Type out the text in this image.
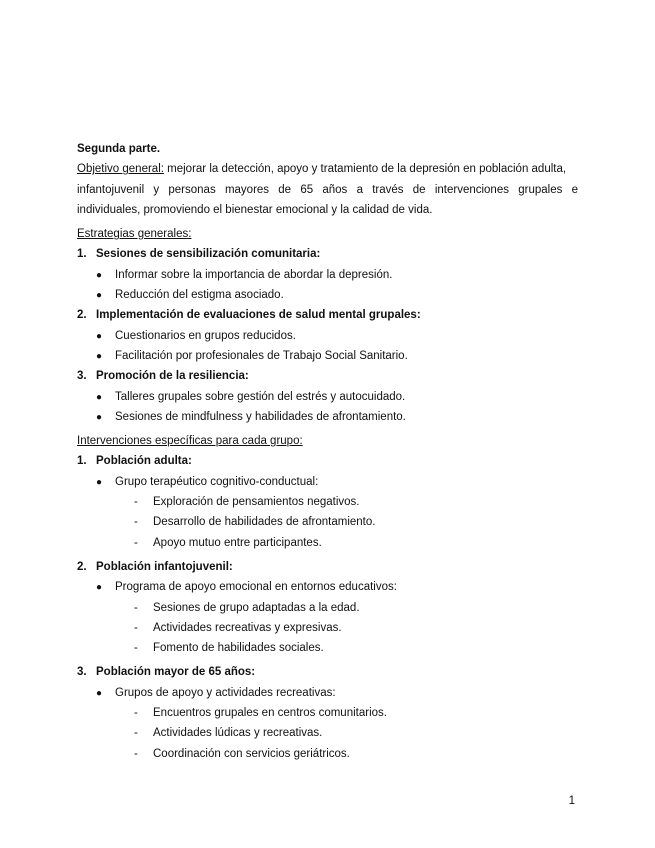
Segunda parte.
Objetivo general: mejorar la detección, apoyo y tratamiento de la depresión en población adulta,
infantojuvenil y personas mayores de 65 años a través de intervenciones grupales e
individuales, promoviendo el bienestar emocional y la calidad de vida.
Estrategias generales:
1. Sesiones de sensibilización comunitaria:
● Informar sobre la importancia de abordar la depresión.
● Reducción del estigma asociado.
2. Implementación de evaluaciones de salud mental grupales:
● Cuestionarios en grupos reducidos.
● Facilitación por profesionales de Trabajo Social Sanitario.
3. Promoción de la resiliencia:
● Talleres grupales sobre gestión del estrés y autocuidado.
● Sesiones de mindfulness y habilidades de afrontamiento.
Intervenciones específicas para cada grupo:
1. Población adulta:
● Grupo terapéutico cognitivo-conductual:
- Exploración de pensamientos negativos.
- Desarrollo de habilidades de afrontamiento.
- Apoyo mutuo entre participantes.
2. Población infantojuvenil:
● Programa de apoyo emocional en entornos educativos:
- Sesiones de grupo adaptadas a la edad.
- Actividades recreativas y expresivas.
- Fomento de habilidades sociales.
3. Población mayor de 65 años:
● Grupos de apoyo y actividades recreativas:
- Encuentros grupales en centros comunitarios.
- Actividades lúdicas y recreativas.
- Coordinación con servicios geriátricos.
1
